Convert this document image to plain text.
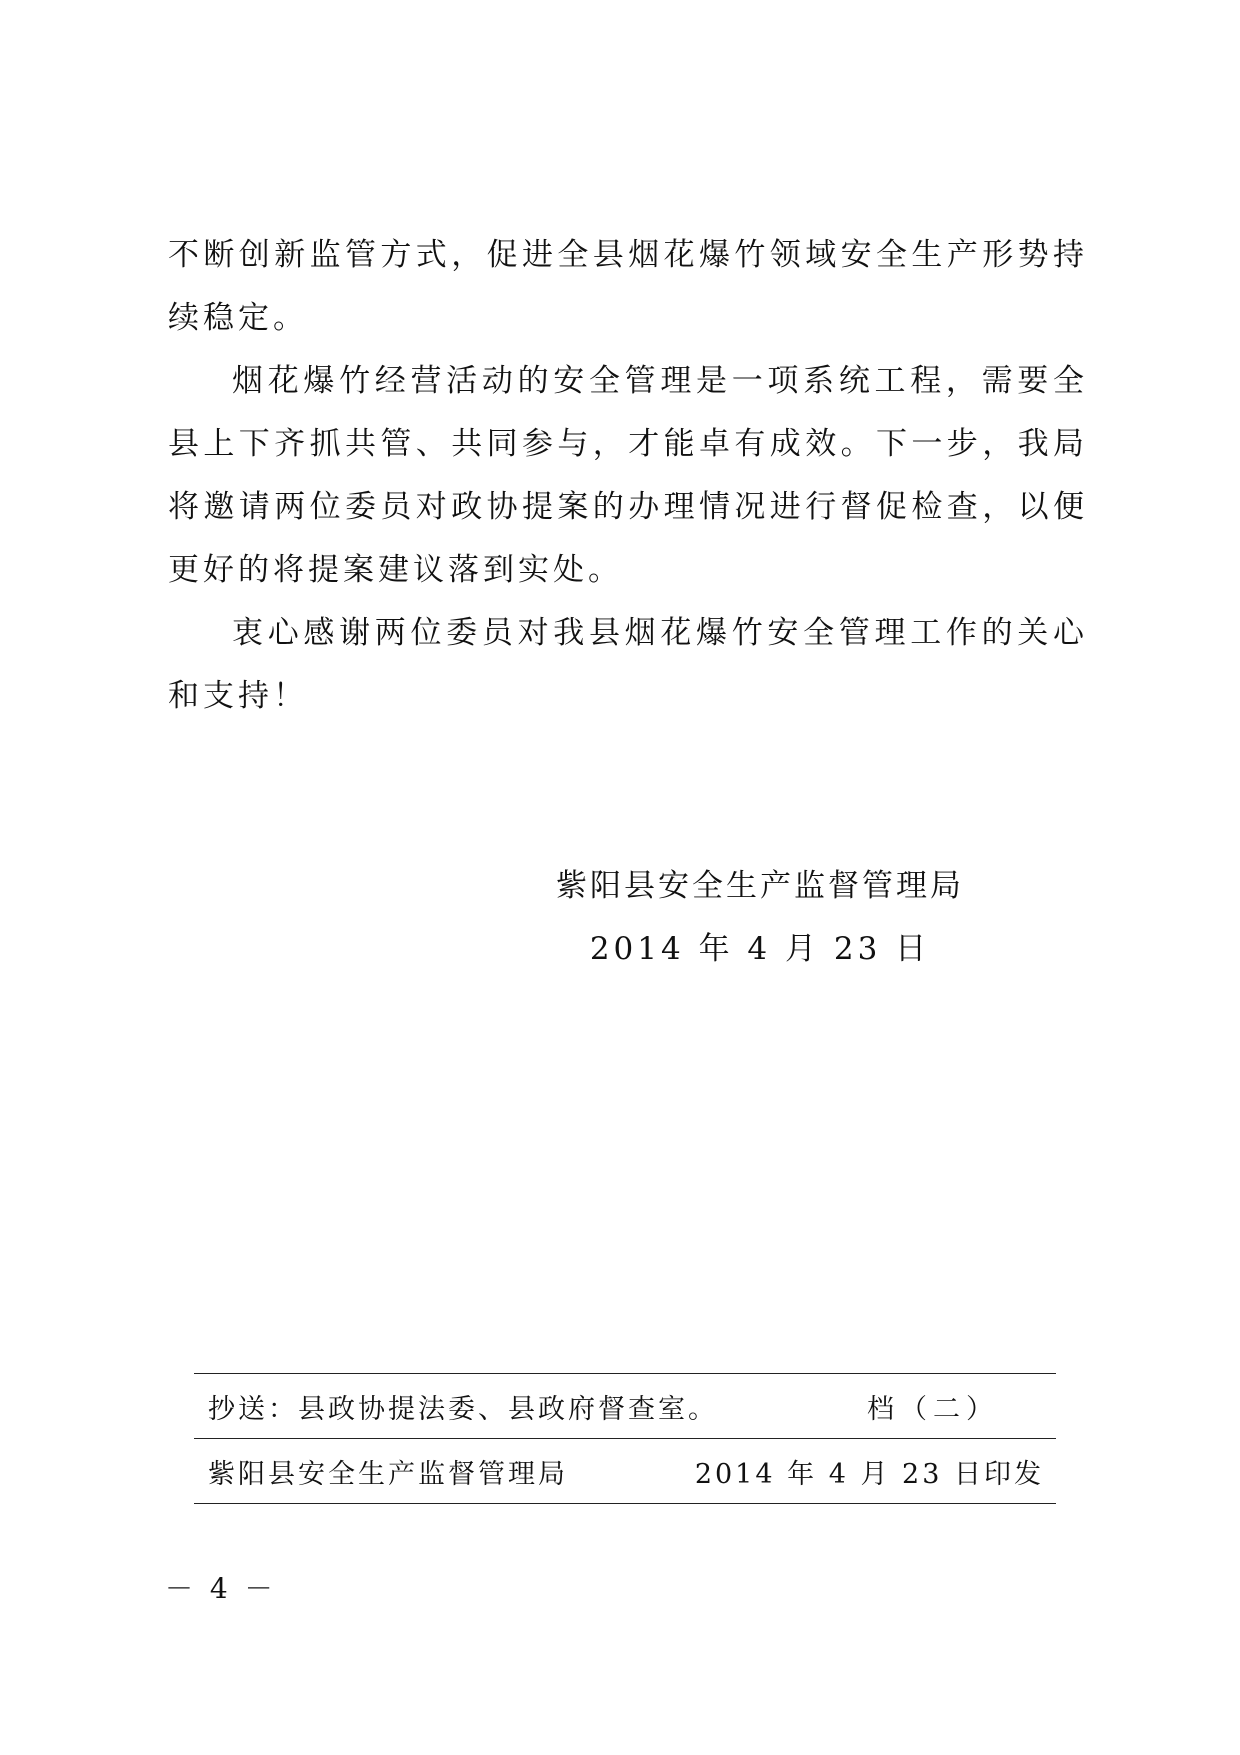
不断创新监管方式，促进全县烟花爆竹领域安全生产形势持续稳定。

烟花爆竹经营活动的安全管理是一项系统工程，需要全县上下齐抓共管、共同参与，才能卓有成效。下一步，我局将邀请两位委员对政协提案的办理情况进行督促检查，以便更好的将提案建议落到实处。

衷心感谢两位委员对我县烟花爆竹安全管理工作的关心和支持！

紫阳县安全生产监督管理局
2014 年 4 月 23 日
抄送： 县政协提法委、县政府督查室。	档（二）
紫阳县安全生产监督管理局	2014 年 4 月 23 日印发
－ 4 －
